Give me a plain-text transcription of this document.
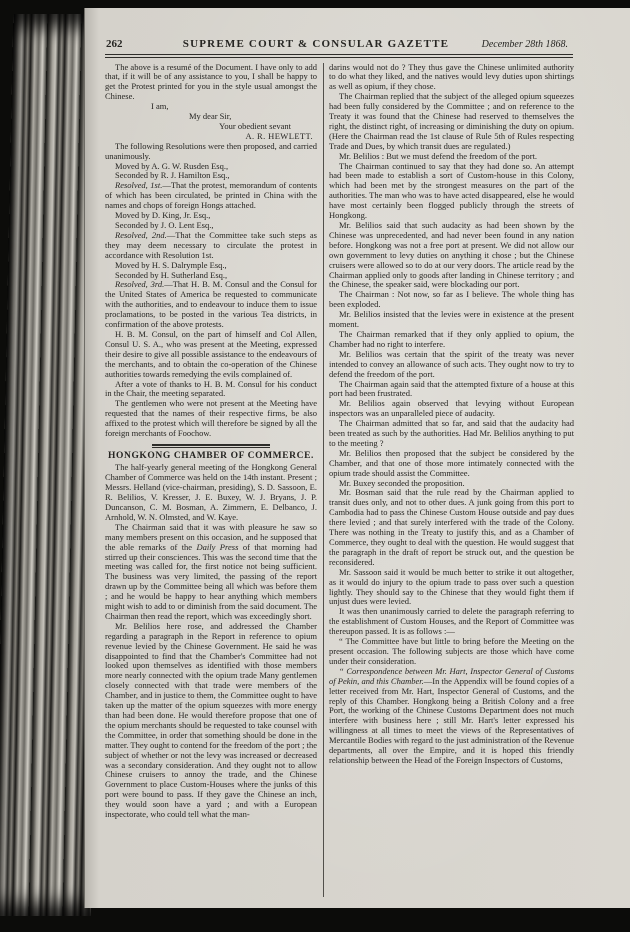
262	SUPREME COURT & CONSULAR GAZETTE	December 28th 1868.

The above is a resumé of the Document. I have only to add that, if it will be of any assistance to you, I shall be happy to get the Protest printed for you in the style usual amongst the Chinese.

I am,

My dear Sir,

Your obedient sevant

A. R. HEWLETT.

The following Resolutions were then proposed, and carried unanimously.

Moved by A. G. W. Rusden Esq.,

Seconded by R. J. Hamilton Esq.,

Resolved, 1st.—That the protest, memorandum of contents of which has been circulated, be printed in China with the names and chops of foreign Hongs attached.

Moved by D. King, Jr. Esq.,

Seconded by J. O. Lent Esq.,

Resolved, 2nd.—That the Committee take such steps as they may deem necessary to circulate the protest in accordance with Resolution 1st.

Moved by H. S. Dalrymple Esq.,

Seconded by H. Sutherland Esq.,

Resolved, 3rd.—That H. B. M. Consul and the Consul for the United States of America be requested to communicate with the authorities, and to endeavour to induce them to issue proclamations, to be posted in the various Tea districts, in confirmation of the above protests.

H. B. M. Consul, on the part of himself and Col Allen, Consul U. S. A., who was present at the Meeting, expressed their desire to give all possible assistance to the endeavours of the merchants, and to obtain the co-operation of the Chinese authorities towards remedying the evils complained of.

After a vote of thanks to H. B. M. Consul for his conduct in the Chair, the meeting separated.

The gentlemen who were not present at the Meeting have requested that the names of their respective firms, be also affixed to the protest which will therefore be signed by all the foreign merchants of Foochow.

HONGKONG CHAMBER OF COMMERCE.

The half-yearly general meeting of the Hongkong General Chamber of Commerce was held on the 14th instant. Present ; Messrs. Helland (vice-chairman, presiding), S. D. Sassoon, E. R. Belilios, V. Kresser, J. E. Buxey, W. J. Bryans, J. P. Duncanson, C. M. Bosman, A. Zimmern, E. Delbanco, J. Arnhold, W. N. Olmsted, and W. Kaye.

The Chairman said that it was with pleasure he saw so many members present on this occasion, and he supposed that the able remarks of the Daily Press of that morning had stirred up their consciences. This was the second time that the meeting was called for, the first notice not being sufficient. The business was very limited, the passing of the report drawn up by the Committee being all which was before them ; and he would be happy to hear anything which members might wish to add to or diminish from the said document. The Chairman then read the report, which was exceedingly short.

Mr. Belilios here rose, and addressed the Chamber regarding a paragraph in the Report in reference to opium revenue levied by the Chinese Government. He said he was disappointed to find that the Chamber's Committee had not looked upon themselves as identified with those members more nearly connected with the opium trade Many gentlemen closely connected with that trade were members of the Chamber, and in justice to them, the Committee ought to have taken up the matter of the opium squeezes with more energy than had been done. He would therefore propose that one of the opium merchants should be requested to take counsel with the Committee, in order that something should be done in the matter. They ought to contend for the freedom of the port ; the subject of whether or not the levy was increased or decreased was a secondary consideration. And they ought not to allow Chinese cruisers to annoy the trade, and the Chinese Government to place Custom-Houses where the junks of this port were bound to pass. If they gave the Chinese an inch, they would soon have a yard ; and with a European inspectorate, who could tell what the man-

darins would not do ? They thus gave the Chinese unlimited authority to do what they liked, and the natives would levy duties upon shirtings as well as opium, if they chose.

The Chairman replied that the subject of the alleged opium squeezes had been fully considered by the Committee ; and on reference to the Treaty it was found that the Chinese had reserved to themselves the right, the distinct right, of increasing or diminishing the duty on opium. (Here the Chairman read the 1st clause of Rule 5th of Rules respecting Trade and Dues, by which transit dues are regulated.)

Mr. Belilios : But we must defend the freedom of the port.

The Chairman continued to say that they had done so. An attempt had been made to establish a sort of Custom-house in this Colony, which had been met by the strongest measures on the part of the authorities. The man who was to have acted disappeared, else he would have most certainly been flogged publicly through the streets of Hongkong.

Mr. Belilios said that such audacity as had been shown by the Chinese was unprecedented, and had never been found in any nation before. Hongkong was not a free port at present. We did not allow our own government to levy duties on anything it chose ; but the Chinese cruisers were allowed so to do at our very doors. The article read by the Chairman applied only to goods after landing in Chinese territory ; and the Chinese, the speaker said, were blockading our port.

The Chairman : Not now, so far as I believe. The whole thing has been exploded.

Mr. Belilios insisted that the levies were in existence at the present moment.

The Chairman remarked that if they only applied to opium, the Chamber had no right to interfere.

Mr. Belilios was certain that the spirit of the treaty was never intended to convey an allowance of such acts. They ought now to try to defend the freedom of the port.

The Chairman again said that the attempted fixture of a house at this port had been frustrated.

Mr. Belilios again observed that levying without European inspectors was an unparalleled piece of audacity.

The Chairman admitted that so far, and said that the audacity had been treated as such by the authorities. Had Mr. Belilios anything to put to the meeting ?

Mr. Belilios then proposed that the subject be considered by the Chamber, and that one of those more intimately connected with the opium trade should assist the Committee.

Mr. Buxey seconded the proposition.

Mr. Bosman said that the rule read by the Chairman applied to transit dues only, and not to other dues. A junk going from this port to Cambodia had to pass the Chinese Custom House outside and pay dues there levied ; and that surely interfered with the trade of the Colony. There was nothing in the Treaty to justify this, and as a Chamber of Commerce, they ought to deal with the question. He would suggest that the paragraph in the draft of report be struck out, and the question be reconsidered.

Mr. Sassoon said it would be much better to strike it out altogether, as it would do injury to the opium trade to pass over such a question lightly. They should say to the Chinese that they would fight them if unjust dues were levied.

It was then unanimously carried to delete the paragraph referring to the establishment of Custom Houses, and the Report of Committee was thereupon passed. It is as follows :—

“ The Committee have but little to bring before the Meeting on the present occasion. The following subjects are those which have come under their consideration.

“ Correspondence between Mr. Hart, Inspector General of Customs of Pekin, and this Chamber.—In the Appendix will be found copies of a letter received from Mr. Hart, Inspector General of Customs, and the reply of this Chamber. Hongkong being a British Colony and a free Port, the working of the Chinese Customs Department does not much interfere with business here ; still Mr. Hart's letter expressed his willingness at all times to meet the views of the Representatives of Mercantile Bodies with regard to the just administration of the Revenue departments, all over the Empire, and it is hoped this friendly relationship between the Head of the Foreign Inspectors of Customs,
